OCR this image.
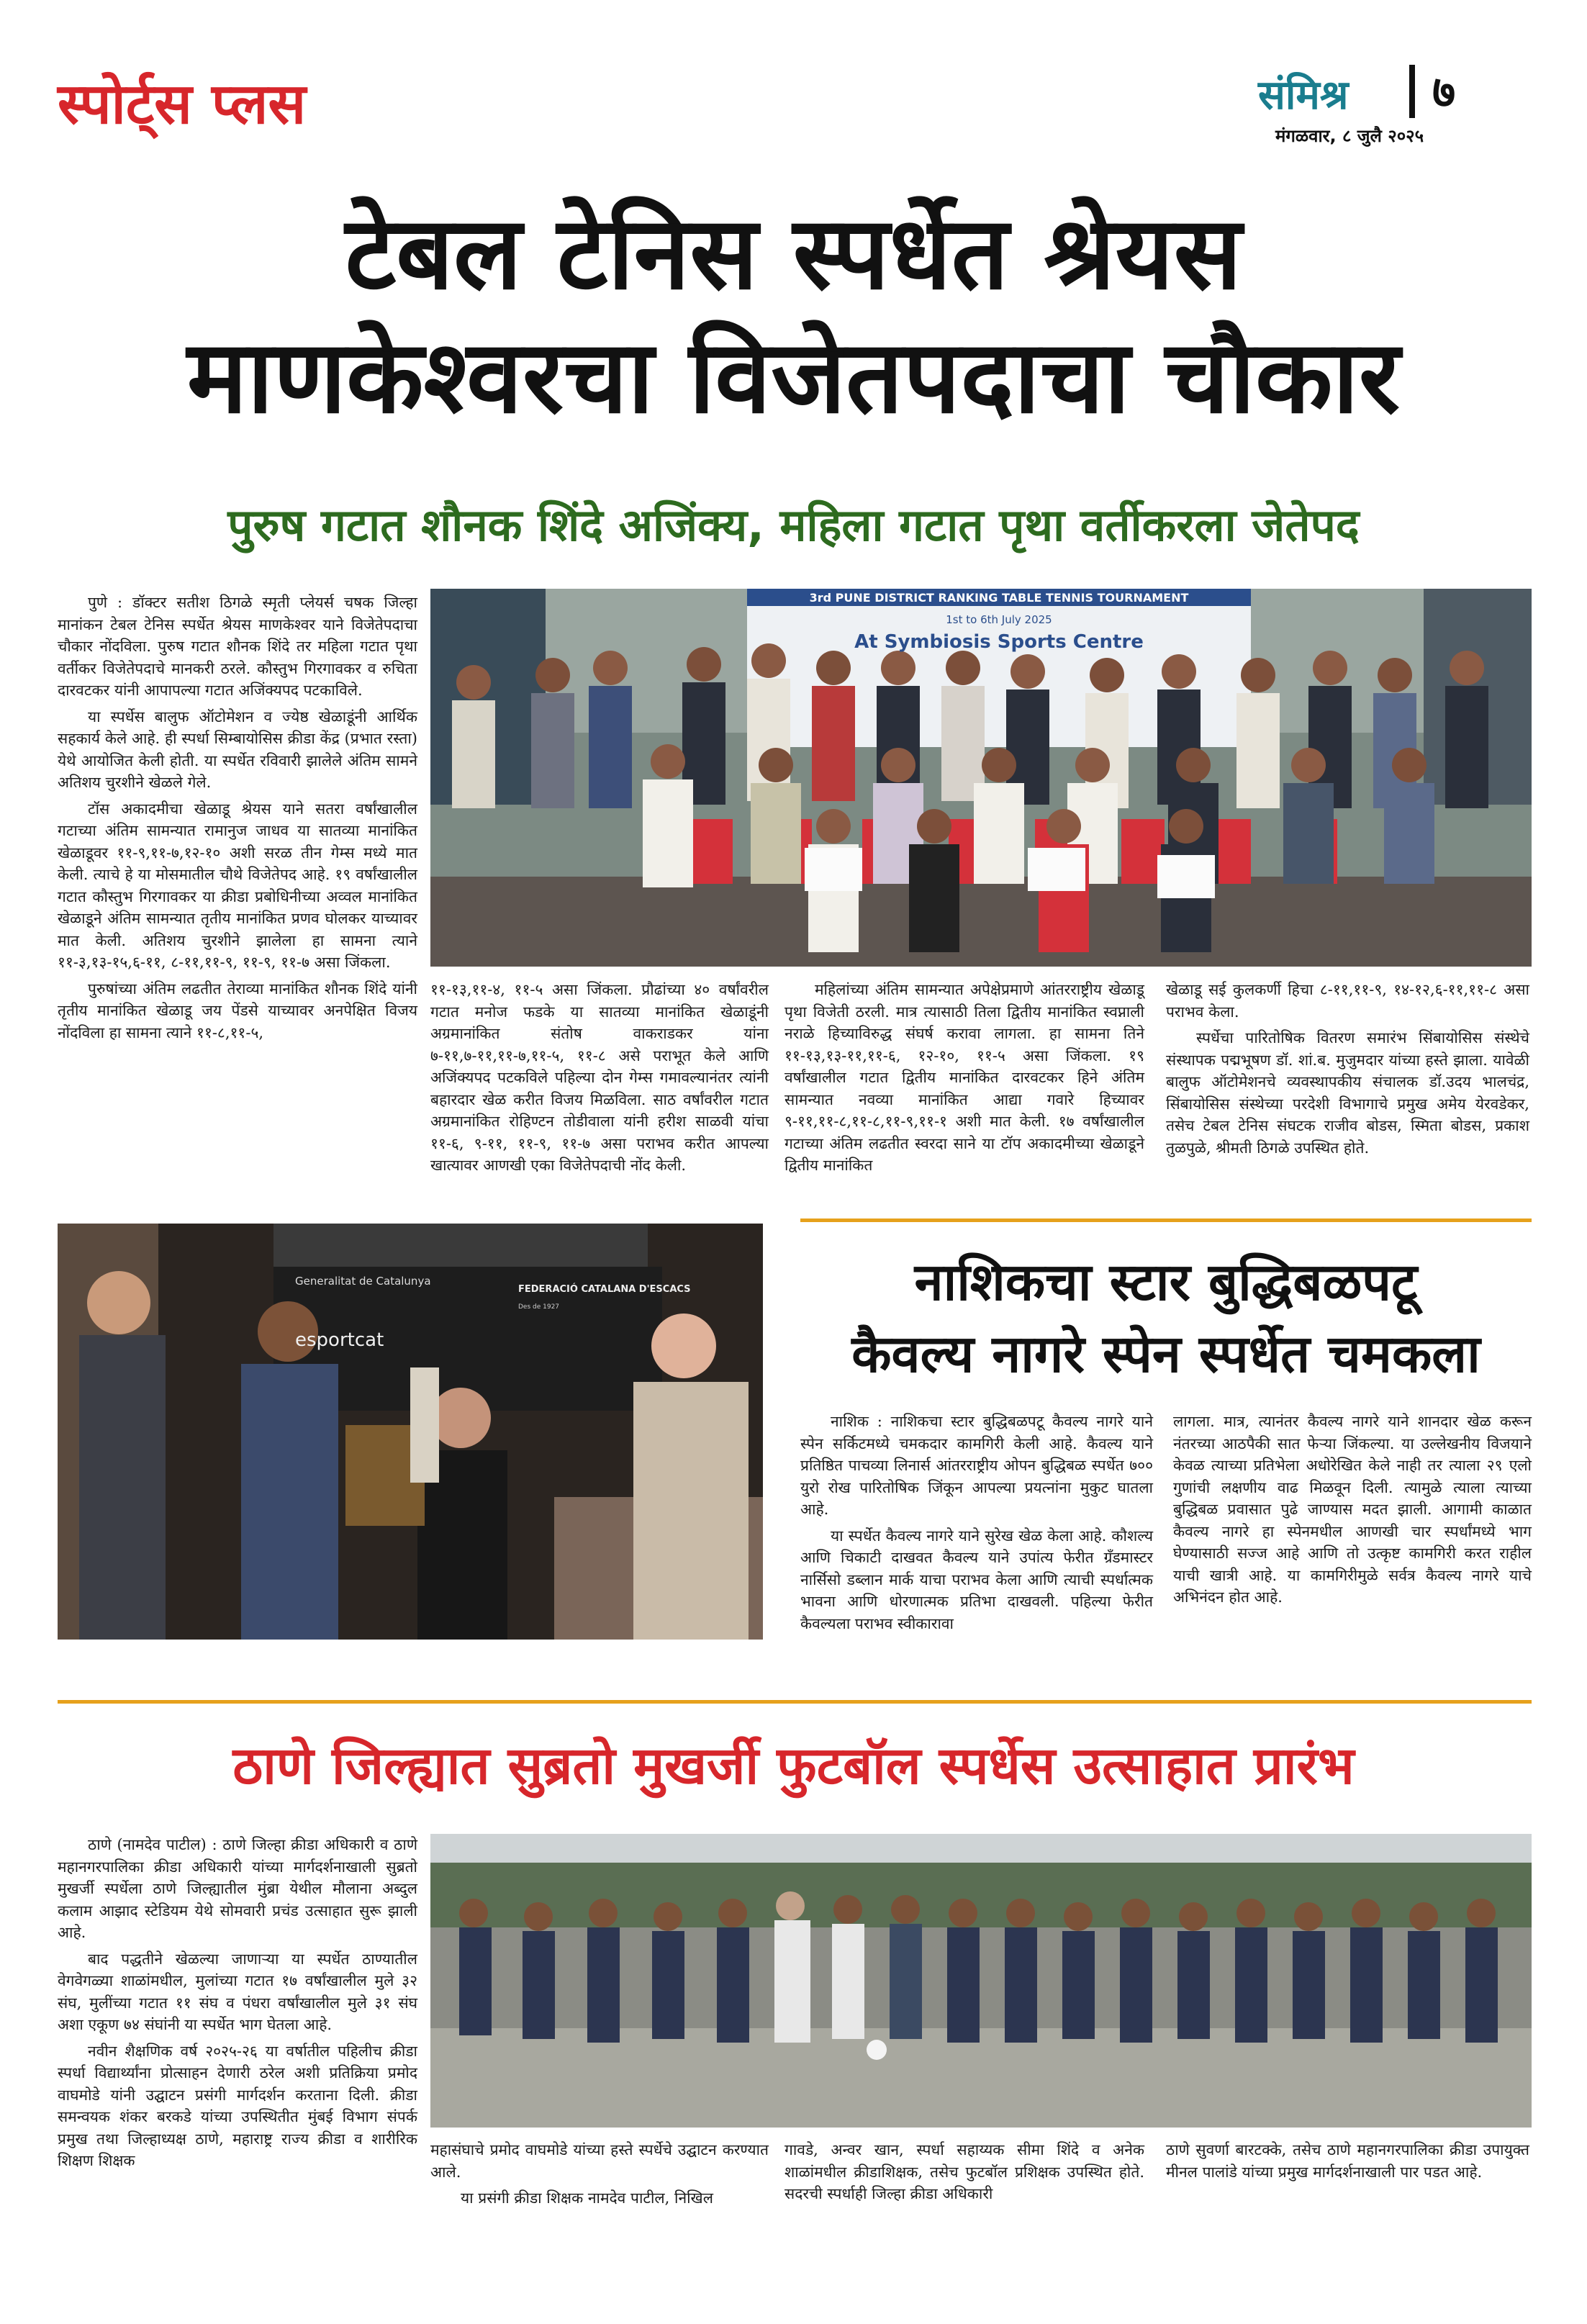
स्पोर्ट्स प्लस	संमिश्र ७
मंगळवार, ८ जुलै २०२५
टेबल टेनिस स्पर्धेत श्रेयस
माणकेश्वरचा विजेतपदाचा चौकार
पुरुष गटात शौनक शिंदे अजिंक्य, महिला गटात पृथा वर्तीकरला जेतेपद

पुणे : डॉक्टर सतीश ठिगळे स्मृती प्लेयर्स चषक जिल्हा मानांकन टेबल टेनिस स्पर्धेत श्रेयस माणकेश्वर याने विजेतेपदाचा चौकार नोंदविला. पुरुष गटात शौनक शिंदे तर महिला गटात पृथा वर्तीकर विजेतेपदाचे मानकरी ठरले. कौस्तुभ गिरगावकर व रुचिता दारवटकर यांनी आपापल्या गटात अजिंक्यपद पटकाविले.

या स्पर्धेस बालुफ ऑटोमेशन व ज्येष्ठ खेळाडूंनी आर्थिक सहकार्य केले आहे. ही स्पर्धा सिम्बायोसिस क्रीडा केंद्र (प्रभात रस्ता) येथे आयोजित केली होती. या स्पर्धेत रविवारी झालेले अंतिम सामने अतिशय चुरशीने खेळले गेले.

टॉस अकादमीचा खेळाडू श्रेयस याने सतरा वर्षांखालील गटाच्या अंतिम सामन्यात रामानुज जाधव या सातव्या मानांकित खेळाडूवर ११-९,११-७,१२-१० अशी सरळ तीन गेम्स मध्ये मात केली. त्याचे हे या मोसमातील चौथे विजेतेपद आहे. १९ वर्षांखालील गटात कौस्तुभ गिरगावकर या क्रीडा प्रबोधिनीच्या अव्वल मानांकित खेळाडूने अंतिम सामन्यात तृतीय मानांकित प्रणव घोलकर याच्यावर मात केली. अतिशय चुरशीने झालेला हा सामना त्याने ११-३,१३-१५,६-११, ८-११,११-९, ११-९, ११-७ असा जिंकला.

पुरुषांच्या अंतिम लढतीत तेराव्या मानांकित शौनक शिंदे यांनी तृतीय मानांकित खेळाडू जय पेंडसे याच्यावर अनपेक्षित विजय नोंदविला हा सामना त्याने ११-८,११-५,

3rd PUNE DISTRICT RANKING TABLE TENNIS TOURNAMENT
1st to 6th July 2025
At Symbiosis Sports Centre

११-१३,११-४, ११-५ असा जिंकला. प्रौढांच्या ४० वर्षांवरील गटात मनोज फडके या सातव्या मानांकित खेळाडूंनी अग्रमानांकित संतोष वाकराडकर यांना ७-११,७-११,११-७,११-५, ११-८ असे पराभूत केले आणि अजिंक्यपद पटकविले पहिल्या दोन गेम्स गमावल्यानंतर त्यांनी बहारदार खेळ करीत विजय मिळविला. साठ वर्षांवरील गटात अग्रमानांकित रोहिण्टन तोडीवाला यांनी हरीश साळवी यांचा ११-६, ९-११, ११-९, ११-७ असा पराभव करीत आपल्या खात्यावर आणखी एका विजेतेपदाची नोंद केली.

महिलांच्या अंतिम सामन्यात अपेक्षेप्रमाणे आंतरराष्ट्रीय खेळाडू पृथा विजेती ठरली. मात्र त्यासाठी तिला द्वितीय मानांकित स्वप्नाली नराळे हिच्याविरुद्ध संघर्ष करावा लागला. हा सामना तिने ११-१३,१३-११,११-६, १२-१०, ११-५ असा जिंकला. १९ वर्षांखालील गटात द्वितीय मानांकित दारवटकर हिने अंतिम सामन्यात नवव्या मानांकित आद्या गवारे हिच्यावर ९-११,११-८,११-८,११-९,११-१ अशी मात केली. १७ वर्षांखालील गटाच्या अंतिम लढतीत स्वरदा साने या टॉप अकादमीच्या खेळाडूने द्वितीय मानांकित

खेळाडू सई कुलकर्णी हिचा ८-११,११-९, १४-१२,६-११,११-८ असा पराभव केला.

स्पर्धेचा पारितोषिक वितरण समारंभ सिंबायोसिस संस्थेचे संस्थापक पद्मभूषण डॉ. शां.ब. मुजुमदार यांच्या हस्ते झाला. यावेळी बालुफ ऑटोमेशनचे व्यवस्थापकीय संचालक डॉ.उदय भालचंद्र, सिंबायोसिस संस्थेच्या परदेशी विभागाचे प्रमुख अमेय येरवडेकर, तसेच टेबल टेनिस संघटक राजीव बोडस, स्मिता बोडस, प्रकाश तुळपुळे, श्रीमती ठिगळे उपस्थित होते.

Generalitat de Catalunya
esportcat
FEDERACIÓ CATALANA D'ESCACS
Des de 1927	नाशिकचा स्टार बुद्धिबळपटू
कैवल्य नागरे स्पेन स्पर्धेत चमकला

नाशिक : नाशिकचा स्टार बुद्धिबळपटू कैवल्य नागरे याने स्पेन सर्किटमध्ये चमकदार कामगिरी केली आहे. कैवल्य याने प्रतिष्ठित पाचव्या लिनार्स आंतरराष्ट्रीय ओपन बुद्धिबळ स्पर्धेत ७०० युरो रोख पारितोषिक जिंकून आपल्या प्रयत्नांना मुकुट घातला आहे.

या स्पर्धेत कैवल्य नागरे याने सुरेख खेळ केला आहे. कौशल्य आणि चिकाटी दाखवत कैवल्य याने उपांत्य फेरीत ग्रँडमास्टर नार्सिसो डब्लान मार्क याचा पराभव केला आणि त्याची स्पर्धात्मक भावना आणि धोरणात्मक प्रतिभा दाखवली. पहिल्या फेरीत कैवल्यला पराभव स्वीकारावा

लागला. मात्र, त्यानंतर कैवल्य नागरे याने शानदार खेळ करून नंतरच्या आठपैकी सात फेऱ्या जिंकल्या. या उल्लेखनीय विजयाने केवळ त्याच्या प्रतिभेला अधोरेखित केले नाही तर त्याला २९ एलो गुणांची लक्षणीय वाढ मिळवून दिली. त्यामुळे त्याला त्याच्या बुद्धिबळ प्रवासात पुढे जाण्यास मदत झाली. आगामी काळात कैवल्य नागरे हा स्पेनमधील आणखी चार स्पर्धांमध्ये भाग घेण्यासाठी सज्ज आहे आणि तो उत्कृष्ट कामगिरी करत राहील याची खात्री आहे. या कामगिरीमुळे सर्वत्र कैवल्य नागरे याचे अभिनंदन होत आहे.

ठाणे जिल्ह्यात सुब्रतो मुखर्जी फुटबॉल स्पर्धेस उत्साहात प्रारंभ

ठाणे (नामदेव पाटील) : ठाणे जिल्हा क्रीडा अधिकारी व ठाणे महानगरपालिका क्रीडा अधिकारी यांच्या मार्गदर्शनाखाली सुब्रतो मुखर्जी स्पर्धेला ठाणे जिल्ह्यातील मुंब्रा येथील मौलाना अब्दुल कलाम आझाद स्टेडियम येथे सोमवारी प्रचंड उत्साहात सुरू झाली आहे.

बाद पद्धतीने खेळल्या जाणाऱ्या या स्पर्धेत ठाण्यातील वेगवेगळ्या शाळांमधील, मुलांच्या गटात १७ वर्षांखालील मुले ३२ संघ, मुलींच्या गटात ११ संघ व पंधरा वर्षांखालील मुले ३१ संघ अशा एकूण ७४ संघांनी या स्पर्धेत भाग घेतला आहे.

नवीन शैक्षणिक वर्ष २०२५-२६ या वर्षातील पहिलीच क्रीडा स्पर्धा विद्यार्थ्यांना प्रोत्साहन देणारी ठरेल अशी प्रतिक्रिया प्रमोद वाघमोडे यांनी उद्घाटन प्रसंगी मार्गदर्शन करताना दिली. क्रीडा समन्वयक शंकर बरकडे यांच्या उपस्थितीत मुंबई विभाग संपर्क प्रमुख तथा जिल्हाध्यक्ष ठाणे, महाराष्ट्र राज्य क्रीडा व शारीरिक शिक्षण शिक्षक

महासंघाचे प्रमोद वाघमोडे यांच्या हस्ते स्पर्धेचे उद्घाटन करण्यात आले.

या प्रसंगी क्रीडा शिक्षक नामदेव पाटील, निखिल

गावडे, अन्वर खान, स्पर्धा सहाय्यक सीमा शिंदे व अनेक शाळांमधील क्रीडाशिक्षक, तसेच फुटबॉल प्रशिक्षक उपस्थित होते. सदरची स्पर्धाही जिल्हा क्रीडा अधिकारी

ठाणे सुवर्णा बारटक्के, तसेच ठाणे महानगरपालिका क्रीडा उपायुक्त मीनल पालांडे यांच्या प्रमुख मार्गदर्शनाखाली पार पडत आहे.
